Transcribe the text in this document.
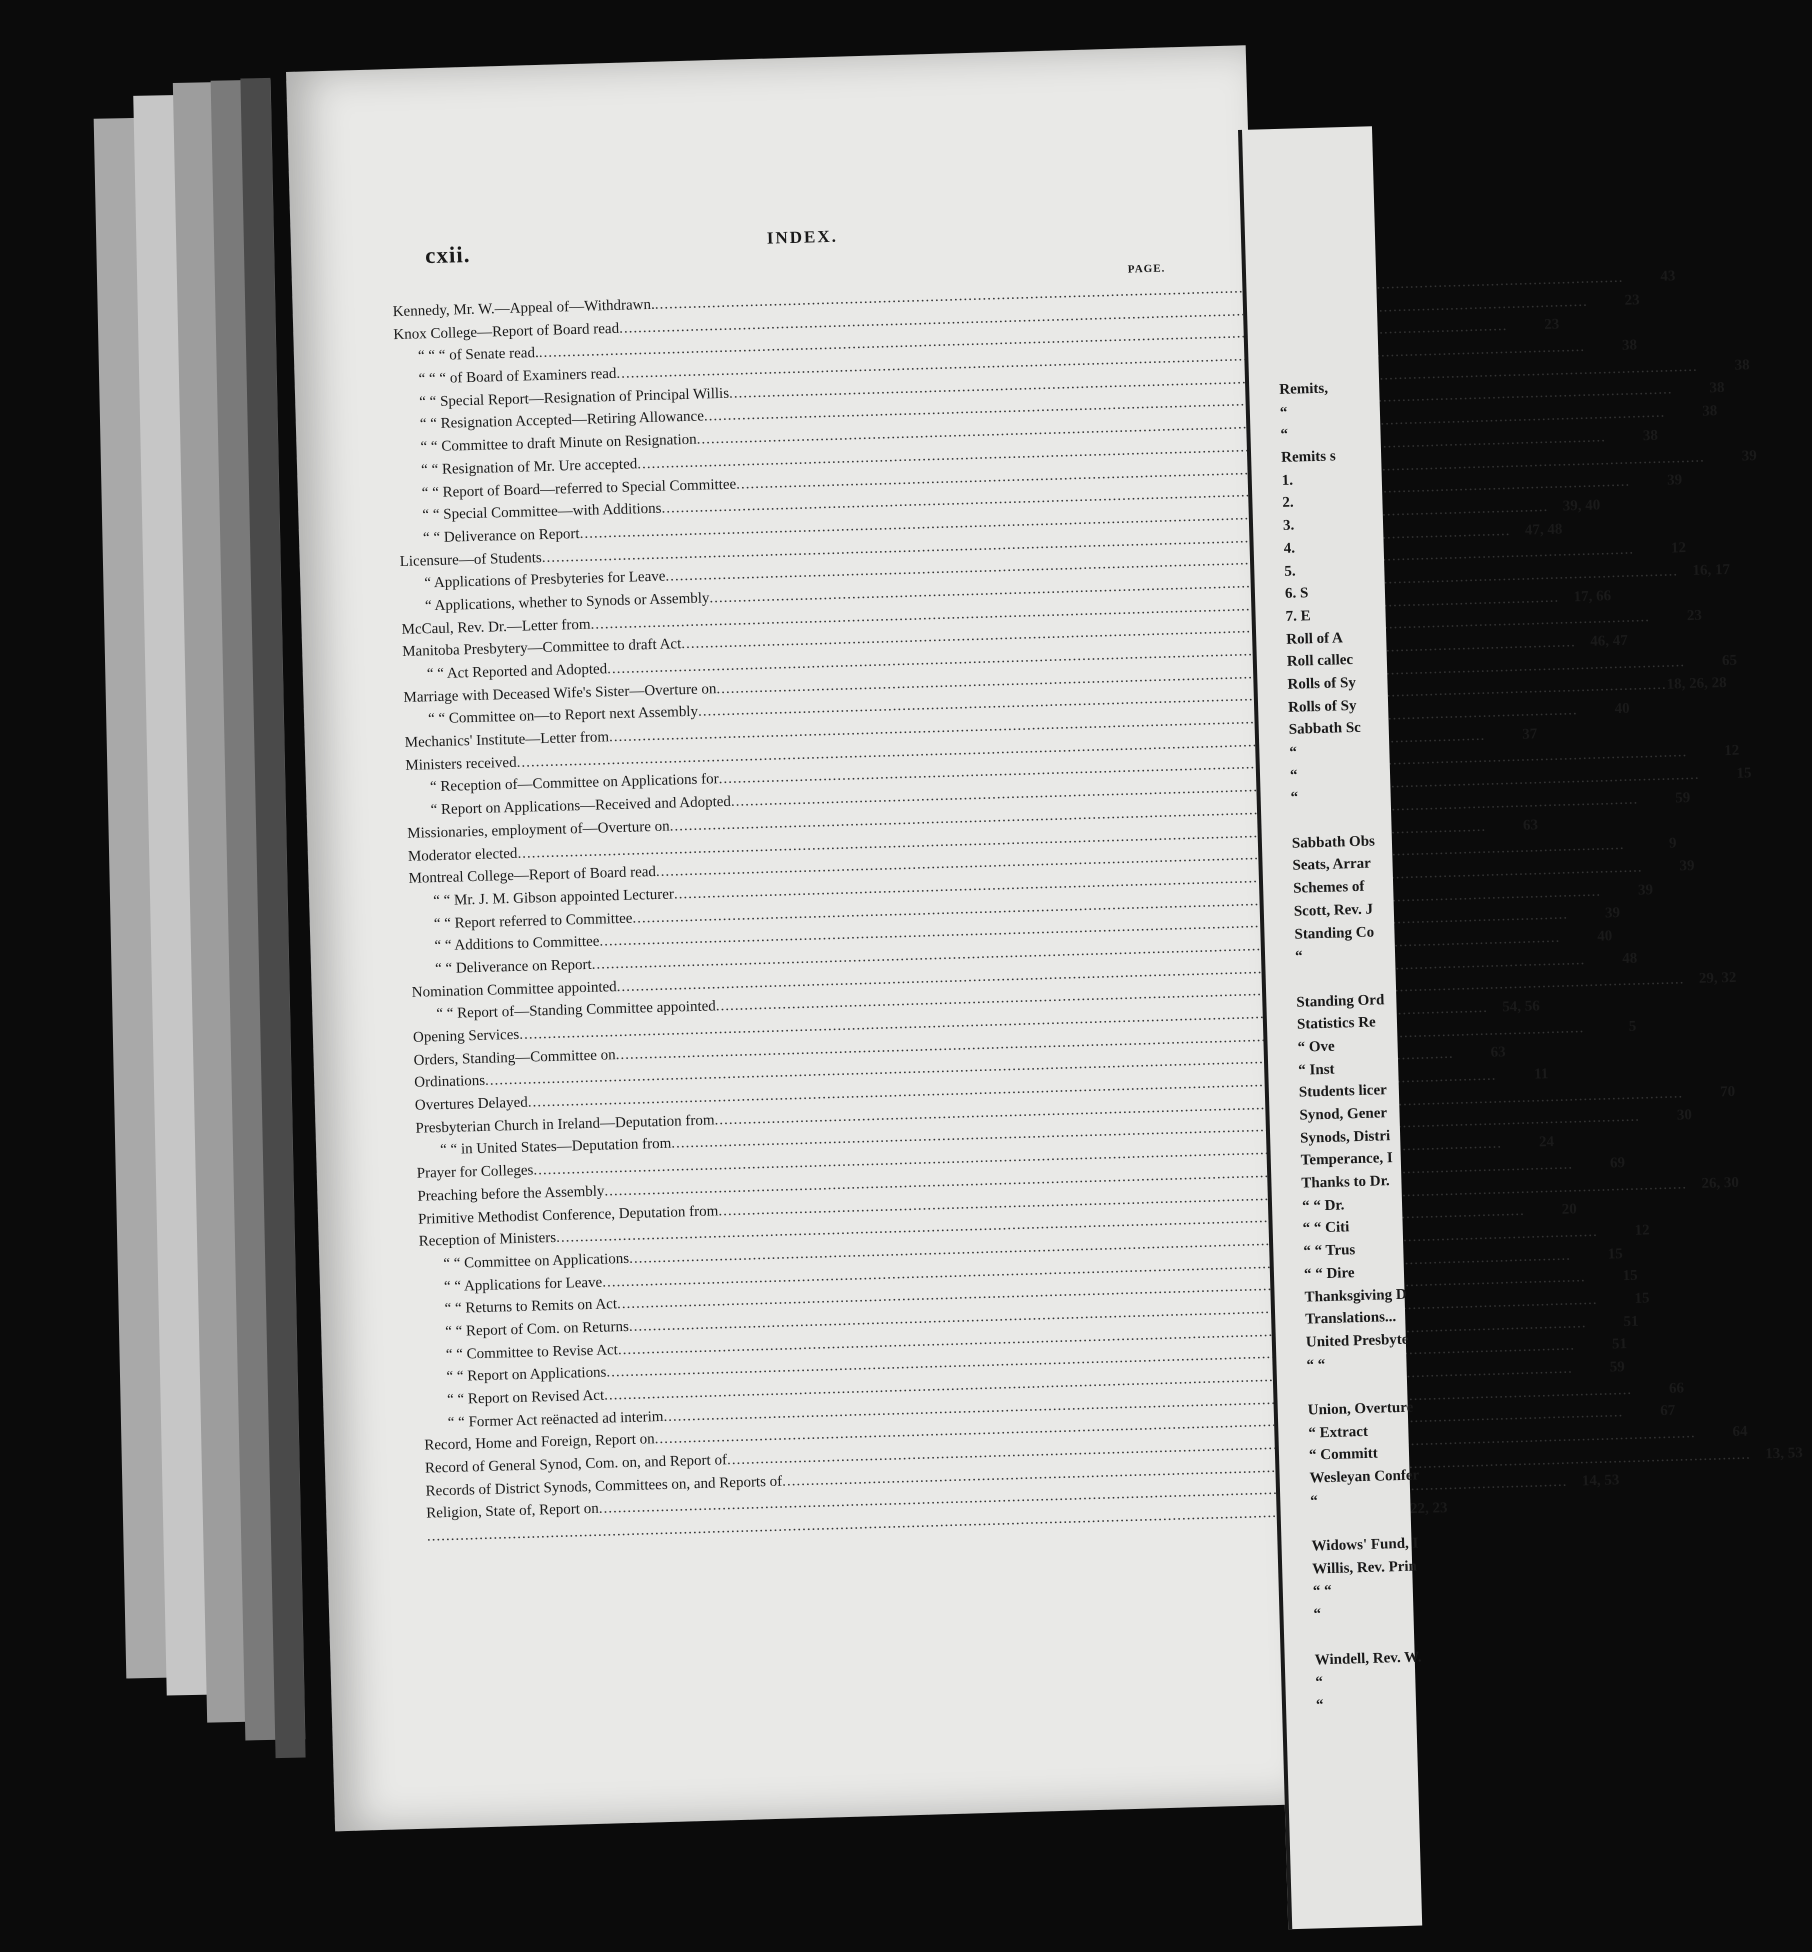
cxii.
INDEX.
PAGE.
Kennedy, Mr. W.—Appeal of—Withdrawn.
.....
43
Knox College—Report of Board read
.....
23
“ “ “ of Senate read.
.....
23
“ “ “ of Board of Examiners read
.....
38
“ “ Special Report—Resignation of Principal Willis
.....
38
“ “ Resignation Accepted—Retiring Allowance
.....
38
“ “ Committee to draft Minute on Resignation
.....
38
“ “ Resignation of Mr. Ure accepted
.....
38
“ “ Report of Board—referred to Special Committee
.....
39
“ “ Special Committee—with Additions
.....
39
“ “ Deliverance on Report
.....
39, 40
Licensure—of Students
.....
47, 48
“ Applications of Presbyteries for Leave
.....
12
“ Applications, whether to Synods or Assembly
.....
16, 17
McCaul, Rev. Dr.—Letter from
.....
17, 66
Manitoba Presbytery—Committee to draft Act
.....
23
“ “ Act Reported and Adopted
.....
46, 47
Marriage with Deceased Wife's Sister—Overture on
.....
65
“ “ Committee on—to Report next Assembly
.....
18, 26, 28
Mechanics' Institute—Letter from
.....
40
Ministers received
.....
37
“ Reception of—Committee on Applications for
.....
12
“ Report on Applications—Received and Adopted
.....
15
Missionaries, employment of—Overture on
.....
59
Moderator elected
.....
63
Montreal College—Report of Board read
.....
9
“ “ Mr. J. M. Gibson appointed Lecturer
.....
39
“ “ Report referred to Committee
.....
39
“ “ Additions to Committee
.....
39
“ “ Deliverance on Report
.....
40
Nomination Committee appointed
.....
48
“ “ Report of—Standing Committee appointed
.....
29, 32
Opening Services
.....
54, 56
Orders, Standing—Committee on
.....
5
Ordinations
.....
63
Overtures Delayed
.....
11
Presbyterian Church in Ireland—Deputation from
.....
70
“ “ in United States—Deputation from
.....
30
Prayer for Colleges
.....
24
Preaching before the Assembly
.....
69
Primitive Methodist Conference, Deputation from
.....
26, 30
Reception of Ministers
.....
20
“ “ Committee on Applications
.....
12
“ “ Applications for Leave
.....
15
“ “ Returns to Remits on Act
.....
15
“ “ Report of Com. on Returns
.....
15
“ “ Committee to Revise Act
.....
51
“ “ Report on Applications
.....
51
“ “ Report on Revised Act
.....
59
“ “ Former Act reënacted ad interim
.....
66
Record, Home and Foreign, Report on
.....
67
Record of General Synod, Com. on, and Report of
.....
64
Records of District Synods, Committees on, and Reports of
.....
13, 53
Religion, State of, Report on
.....
14, 53
.....
22, 23
Remits,
“
“
Remits s
1.
2.
3.
4.
5.
6. S
7. E
Roll of A
Roll callec
Rolls of Sy
Rolls of Sy
Sabbath Sc
“
“
“
Sabbath Obs
Seats, Arrar
Schemes of
Scott, Rev. J
Standing Co
“
Standing Ord
Statistics Re
“ Ove
“ Inst
Students licer
Synod, Gener
Synods, Distri
Temperance, I
Thanks to Dr.
“ “ Dr.
“ “ Citi
“ “ Trus
“ “ Dire
Thanksgiving D
Translations...
United Presbyte
“ “
Union, Overture
“ Extract
“ Committ
Wesleyan Confer
“
Widows' Fund, I
Willis, Rev. Prin
“ “
“
Windell, Rev. W.
“
“
